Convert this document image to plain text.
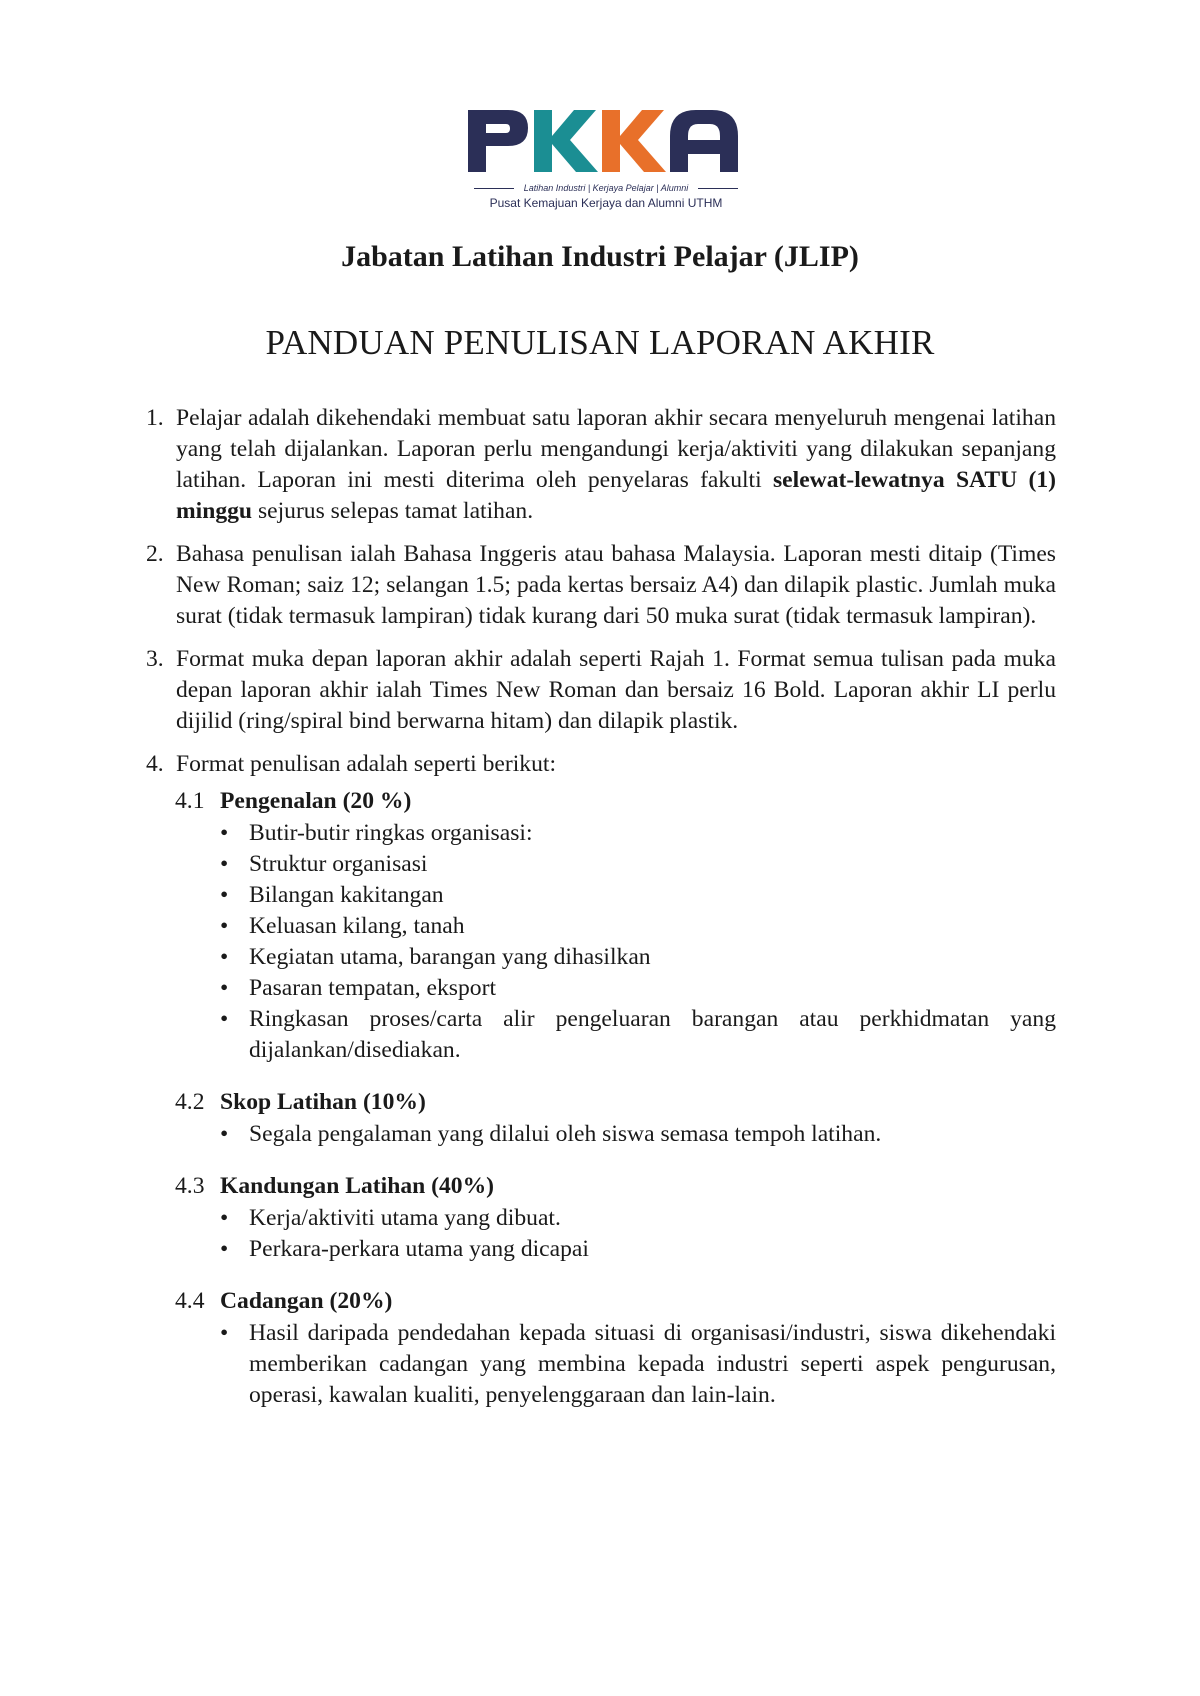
Latihan Industri | Kerjaya Pelajar | Alumni
Pusat Kemajuan Kerjaya dan Alumni UTHM
Jabatan Latihan Industri Pelajar (JLIP)
PANDUAN PENULISAN LAPORAN AKHIR
1. Pelajar adalah dikehendaki membuat satu laporan akhir secara menyeluruh mengenai latihan yang telah dijalankan. Laporan perlu mengandungi kerja/aktiviti yang dilakukan sepanjang latihan. Laporan ini mesti diterima oleh penyelaras fakulti selewat-lewatnya SATU (1) minggu sejurus selepas tamat latihan.

2. Bahasa penulisan ialah Bahasa Inggeris atau bahasa Malaysia. Laporan mesti ditaip (Times New Roman; saiz 12; selangan 1.5; pada kertas bersaiz A4) dan dilapik plastic. Jumlah muka surat (tidak termasuk lampiran) tidak kurang dari 50 muka surat (tidak termasuk lampiran).

3. Format muka depan laporan akhir adalah seperti Rajah 1. Format semua tulisan pada muka depan laporan akhir ialah Times New Roman dan bersaiz 16 Bold. Laporan akhir LI perlu dijilid (ring/spiral bind berwarna hitam) dan dilapik plastik.

4. Format penulisan adalah seperti berikut:

4.1 Pengenalan (20 %)
• Butir-butir ringkas organisasi:
• Struktur organisasi
• Bilangan kakitangan
• Keluasan kilang, tanah
• Kegiatan utama, barangan yang dihasilkan
• Pasaran tempatan, eksport
• Ringkasan proses/carta alir pengeluaran barangan atau perkhidmatan yang dijalankan/disediakan.
4.2 Skop Latihan (10%)
• Segala pengalaman yang dilalui oleh siswa semasa tempoh latihan.
4.3 Kandungan Latihan (40%)
• Kerja/aktiviti utama yang dibuat.
• Perkara-perkara utama yang dicapai
4.4 Cadangan (20%)
• Hasil daripada pendedahan kepada situasi di organisasi/industri, siswa dikehendaki memberikan cadangan yang membina kepada industri seperti aspek pengurusan, operasi, kawalan kualiti, penyelenggaraan dan lain-lain.
